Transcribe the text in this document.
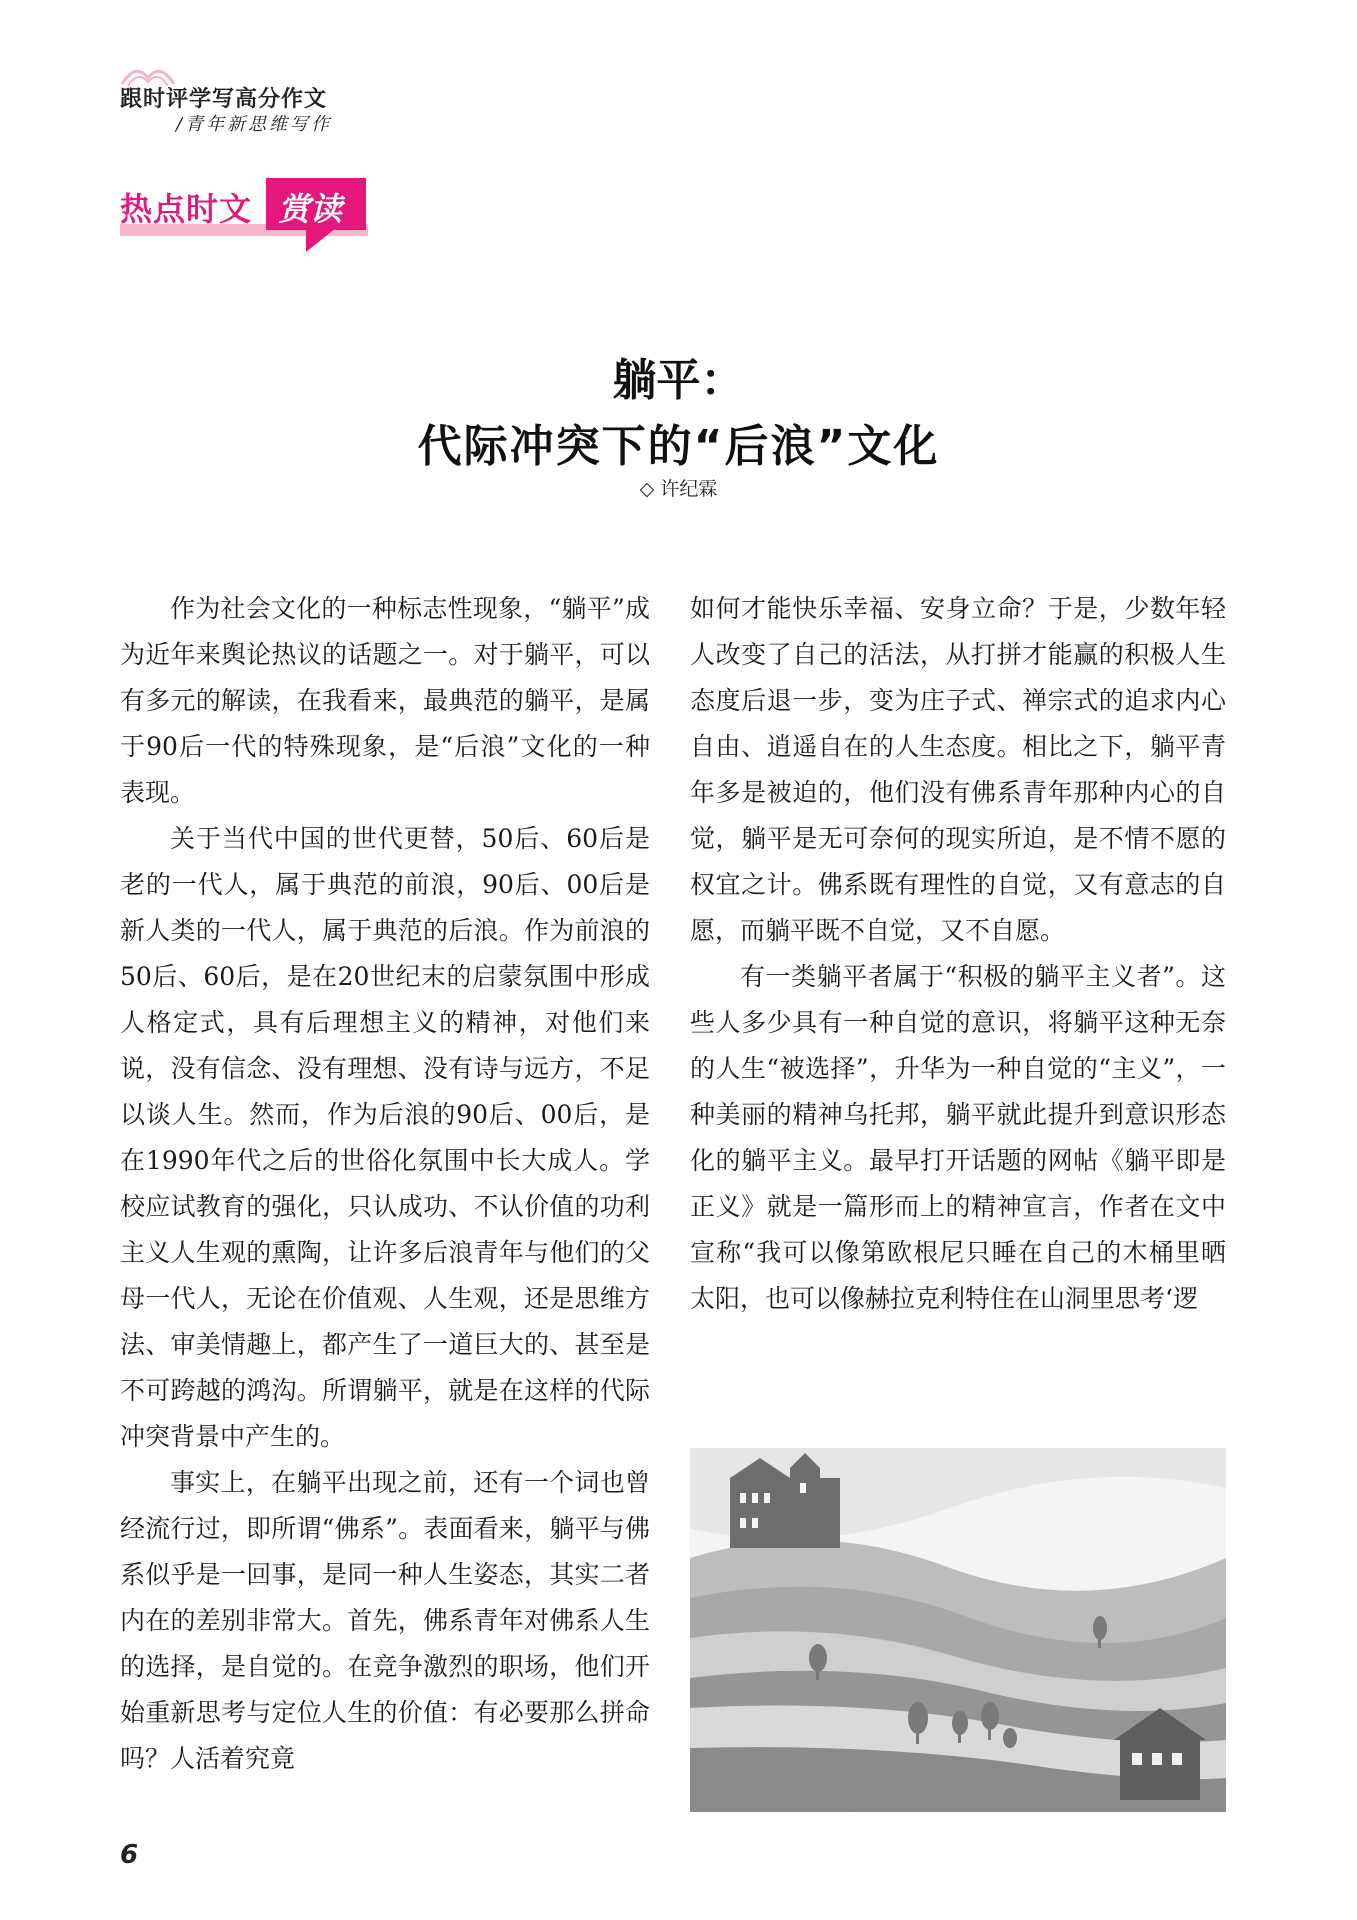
跟时评学写高分作文
/青年新思维写作
热点时文 赏读
躺平：
代际冲突下的“后浪”文化
◇ 许纪霖

作为社会文化的一种标志性现象，“躺平”成为近年来舆论热议的话题之一。对于躺平，可以有多元的解读，在我看来，最典范的躺平，是属于90后一代的特殊现象，是“后浪”文化的一种表现。

关于当代中国的世代更替，50后、60后是老的一代人，属于典范的前浪，90后、00后是新人类的一代人，属于典范的后浪。作为前浪的50后、60后，是在20世纪末的启蒙氛围中形成人格定式，具有后理想主义的精神，对他们来说，没有信念、没有理想、没有诗与远方，不足以谈人生。然而，作为后浪的90后、00后，是在1990年代之后的世俗化氛围中长大成人。学校应试教育的强化，只认成功、不认价值的功利主义人生观的熏陶，让许多后浪青年与他们的父母一代人，无论在价值观、人生观，还是思维方法、审美情趣上，都产生了一道巨大的、甚至是不可跨越的鸿沟。所谓躺平，就是在这样的代际冲突背景中产生的。

事实上，在躺平出现之前，还有一个词也曾经流行过，即所谓“佛系”。表面看来，躺平与佛系似乎是一回事，是同一种人生姿态，其实二者内在的差别非常大。首先，佛系青年对佛系人生的选择，是自觉的。在竞争激烈的职场，他们开始重新思考与定位人生的价值：有必要那么拼命吗？人活着究竟

如何才能快乐幸福、安身立命？于是，少数年轻人改变了自己的活法，从打拼才能赢的积极人生态度后退一步，变为庄子式、禅宗式的追求内心自由、逍遥自在的人生态度。相比之下，躺平青年多是被迫的，他们没有佛系青年那种内心的自觉，躺平是无可奈何的现实所迫，是不情不愿的权宜之计。佛系既有理性的自觉，又有意志的自愿，而躺平既不自觉，又不自愿。

有一类躺平者属于“积极的躺平主义者”。这些人多少具有一种自觉的意识，将躺平这种无奈的人生“被选择”，升华为一种自觉的“主义”，一种美丽的精神乌托邦，躺平就此提升到意识形态化的躺平主义。最早打开话题的网帖《躺平即是正义》就是一篇形而上的精神宣言，作者在文中宣称“我可以像第欧根尼只睡在自己的木桶里晒太阳，也可以像赫拉克利特住在山洞里思考‘逻

6
